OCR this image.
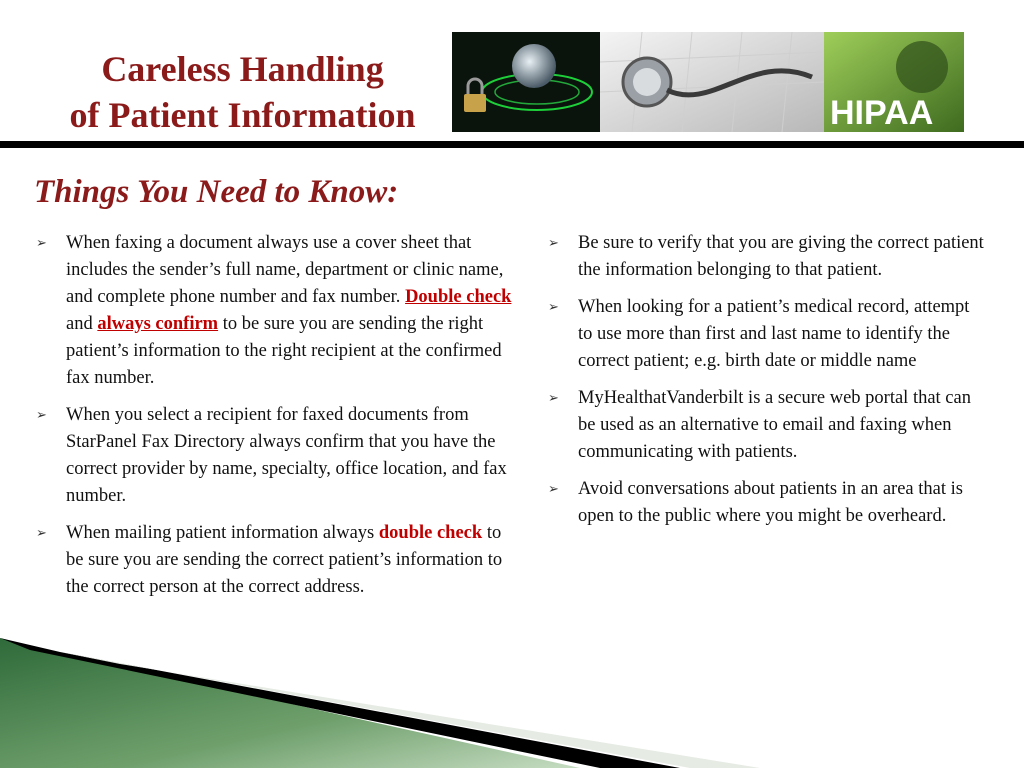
Careless Handling
of Patient Information	HIPAA
Things You Need to Know:
➢ When faxing a document always use a cover sheet that includes the sender’s full name, department or clinic name, and complete phone number and fax number. Double check and always confirm to be sure you are sending the right patient’s information to the right recipient at the confirmed fax number.
➢ When you select a recipient for faxed documents from StarPanel Fax Directory always confirm that you have the correct provider by name, specialty, office location, and fax number.
➢ When mailing patient information always double check to be sure you are sending the correct patient’s information to the correct person at the correct address.
➢ Be sure to verify that you are giving the correct patient the information belonging to that patient.
➢ When looking for a patient’s medical record, attempt to use more than first and last name to identify the correct patient; e.g. birth date or middle name
➢ MyHealthatVanderbilt is a secure web portal that can be used as an alternative to email and faxing when communicating with patients.
➢ Avoid conversations about patients in an area that is open to the public where you might be overheard.
